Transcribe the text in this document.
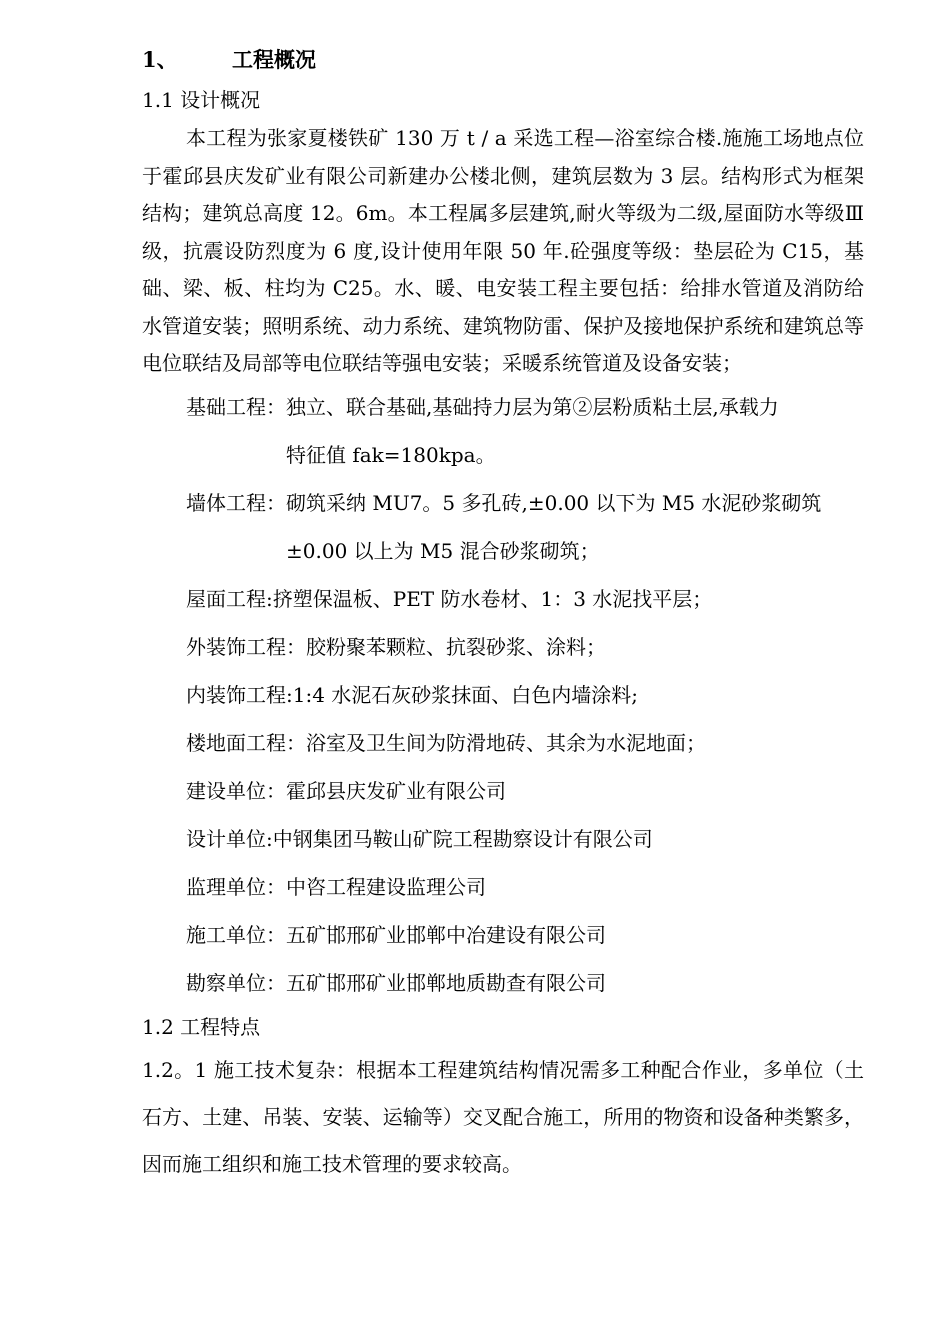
1、	工程概况
1.1 设计概况

本工程为张家夏楼铁矿 130 万 t / a 采选工程—浴室综合楼.施施工场地点位于霍邱县庆发矿业有限公司新建办公楼北侧，建筑层数为 3 层。结构形式为框架结构；建筑总高度 12。6m。本工程属多层建筑,耐火等级为二级,屋面防水等级Ⅲ级，抗震设防烈度为 6 度,设计使用年限 50 年.砼强度等级：垫层砼为 C15，基础、梁、板、柱均为 C25。水、暖、电安装工程主要包括：给排水管道及消防给水管道安装；照明系统、动力系统、建筑物防雷、保护及接地保护系统和建筑总等电位联结及局部等电位联结等强电安装；采暖系统管道及设备安装；

基础工程：独立、联合基础,基础持力层为第②层粉质粘土层,承载力

特征值 fak=180kpa。

墙体工程：砌筑采纳 MU7。5 多孔砖,±0.00 以下为 M5 水泥砂浆砌筑

±0.00 以上为 M5 混合砂浆砌筑；

屋面工程:挤塑保温板、PET 防水卷材、1：3 水泥找平层；

外装饰工程：胶粉聚苯颗粒、抗裂砂浆、涂料；

内装饰工程:1:4 水泥石灰砂浆抹面、白色内墙涂料;

楼地面工程：浴室及卫生间为防滑地砖、其余为水泥地面；

建设单位：霍邱县庆发矿业有限公司

设计单位:中钢集团马鞍山矿院工程勘察设计有限公司

监理单位：中咨工程建设监理公司

施工单位：五矿邯邢矿业邯郸中冶建设有限公司

勘察单位：五矿邯邢矿业邯郸地质勘查有限公司

1.2 工程特点

1.2。1 施工技术复杂：根据本工程建筑结构情况需多工种配合作业，多单位（土石方、土建、吊装、安装、运输等）交叉配合施工，所用的物资和设备种类繁多，因而施工组织和施工技术管理的要求较高。
